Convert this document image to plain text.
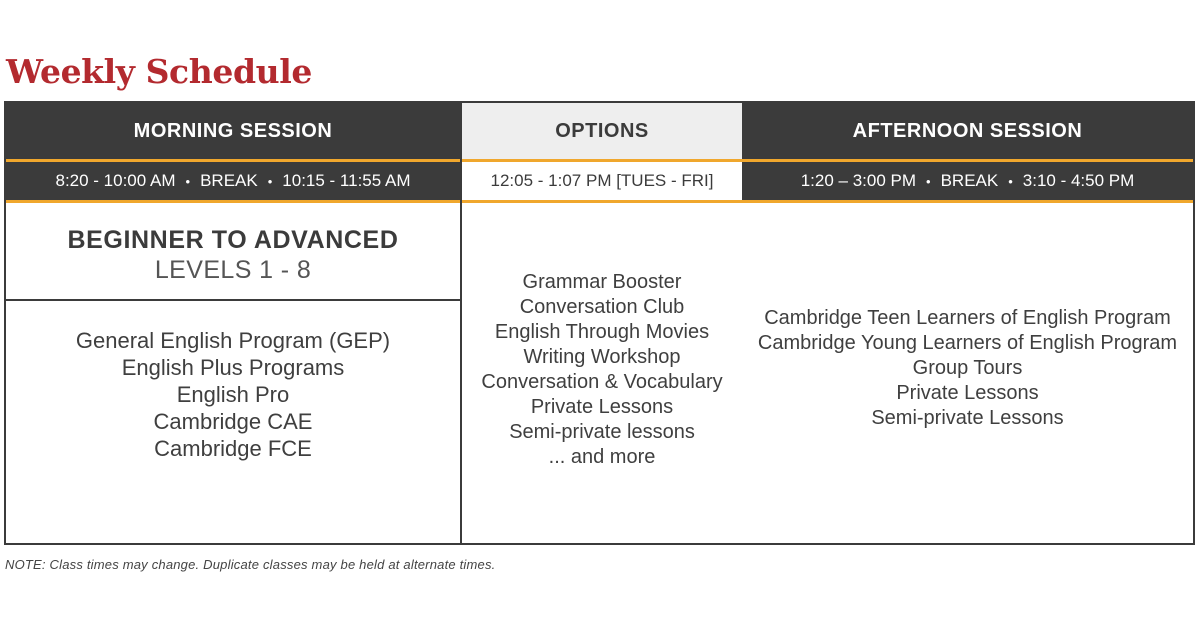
Weekly Schedule
MORNING SESSION
8:20 - 10:00 AM • BREAK • 10:15 - 11:55 AM
BEGINNER TO ADVANCED
LEVELS 1 - 8
General English Program (GEP)
English Plus Programs
English Pro
Cambridge CAE
Cambridge FCE
OPTIONS
12:05 - 1:07 PM [TUES - FRI]
Grammar Booster
Conversation Club
English Through Movies
Writing Workshop
Conversation & Vocabulary
Private Lessons
Semi-private lessons
... and more
AFTERNOON SESSION
1:20 – 3:00 PM • BREAK • 3:10 - 4:50 PM
Cambridge Teen Learners of English Program
Cambridge Young Learners of English Program
Group Tours
Private Lessons
Semi-private Lessons

NOTE: Class times may change. Duplicate classes may be held at alternate times.
